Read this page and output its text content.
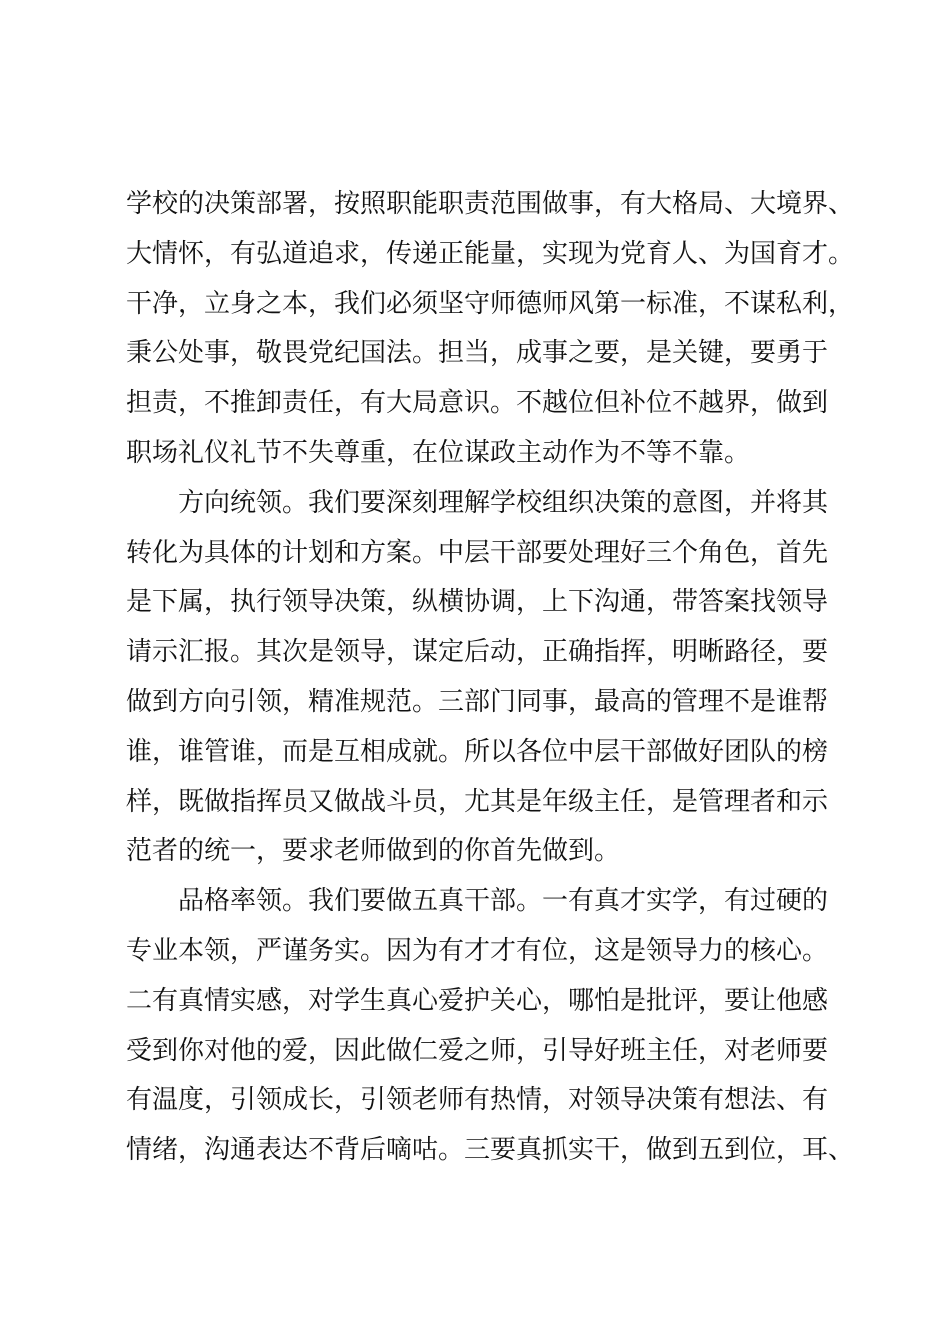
学校的决策部署，按照职能职责范围做事，有大格局、大境界、
大情怀，有弘道追求，传递正能量，实现为党育人、为国育才。
干净，立身之本，我们必须坚守师德师风第一标准，不谋私利，
秉公处事，敬畏党纪国法。担当，成事之要，是关键，要勇于
担责，不推卸责任，有大局意识。不越位但补位不越界，做到
职场礼仪礼节不失尊重，在位谋政主动作为不等不靠。
方向统领。我们要深刻理解学校组织决策的意图，并将其
转化为具体的计划和方案。中层干部要处理好三个角色，首先
是下属，执行领导决策，纵横协调，上下沟通，带答案找领导
请示汇报。其次是领导，谋定后动，正确指挥，明晰路径，要
做到方向引领，精准规范。三部门同事，最高的管理不是谁帮
谁，谁管谁，而是互相成就。所以各位中层干部做好团队的榜
样，既做指挥员又做战斗员，尤其是年级主任，是管理者和示
范者的统一，要求老师做到的你首先做到。
品格率领。我们要做五真干部。一有真才实学，有过硬的
专业本领，严谨务实。因为有才才有位，这是领导力的核心。
二有真情实感，对学生真心爱护关心，哪怕是批评，要让他感
受到你对他的爱，因此做仁爱之师，引导好班主任，对老师要
有温度，引领成长，引领老师有热情，对领导决策有想法、有
情绪，沟通表达不背后嘀咕。三要真抓实干，做到五到位，耳、
